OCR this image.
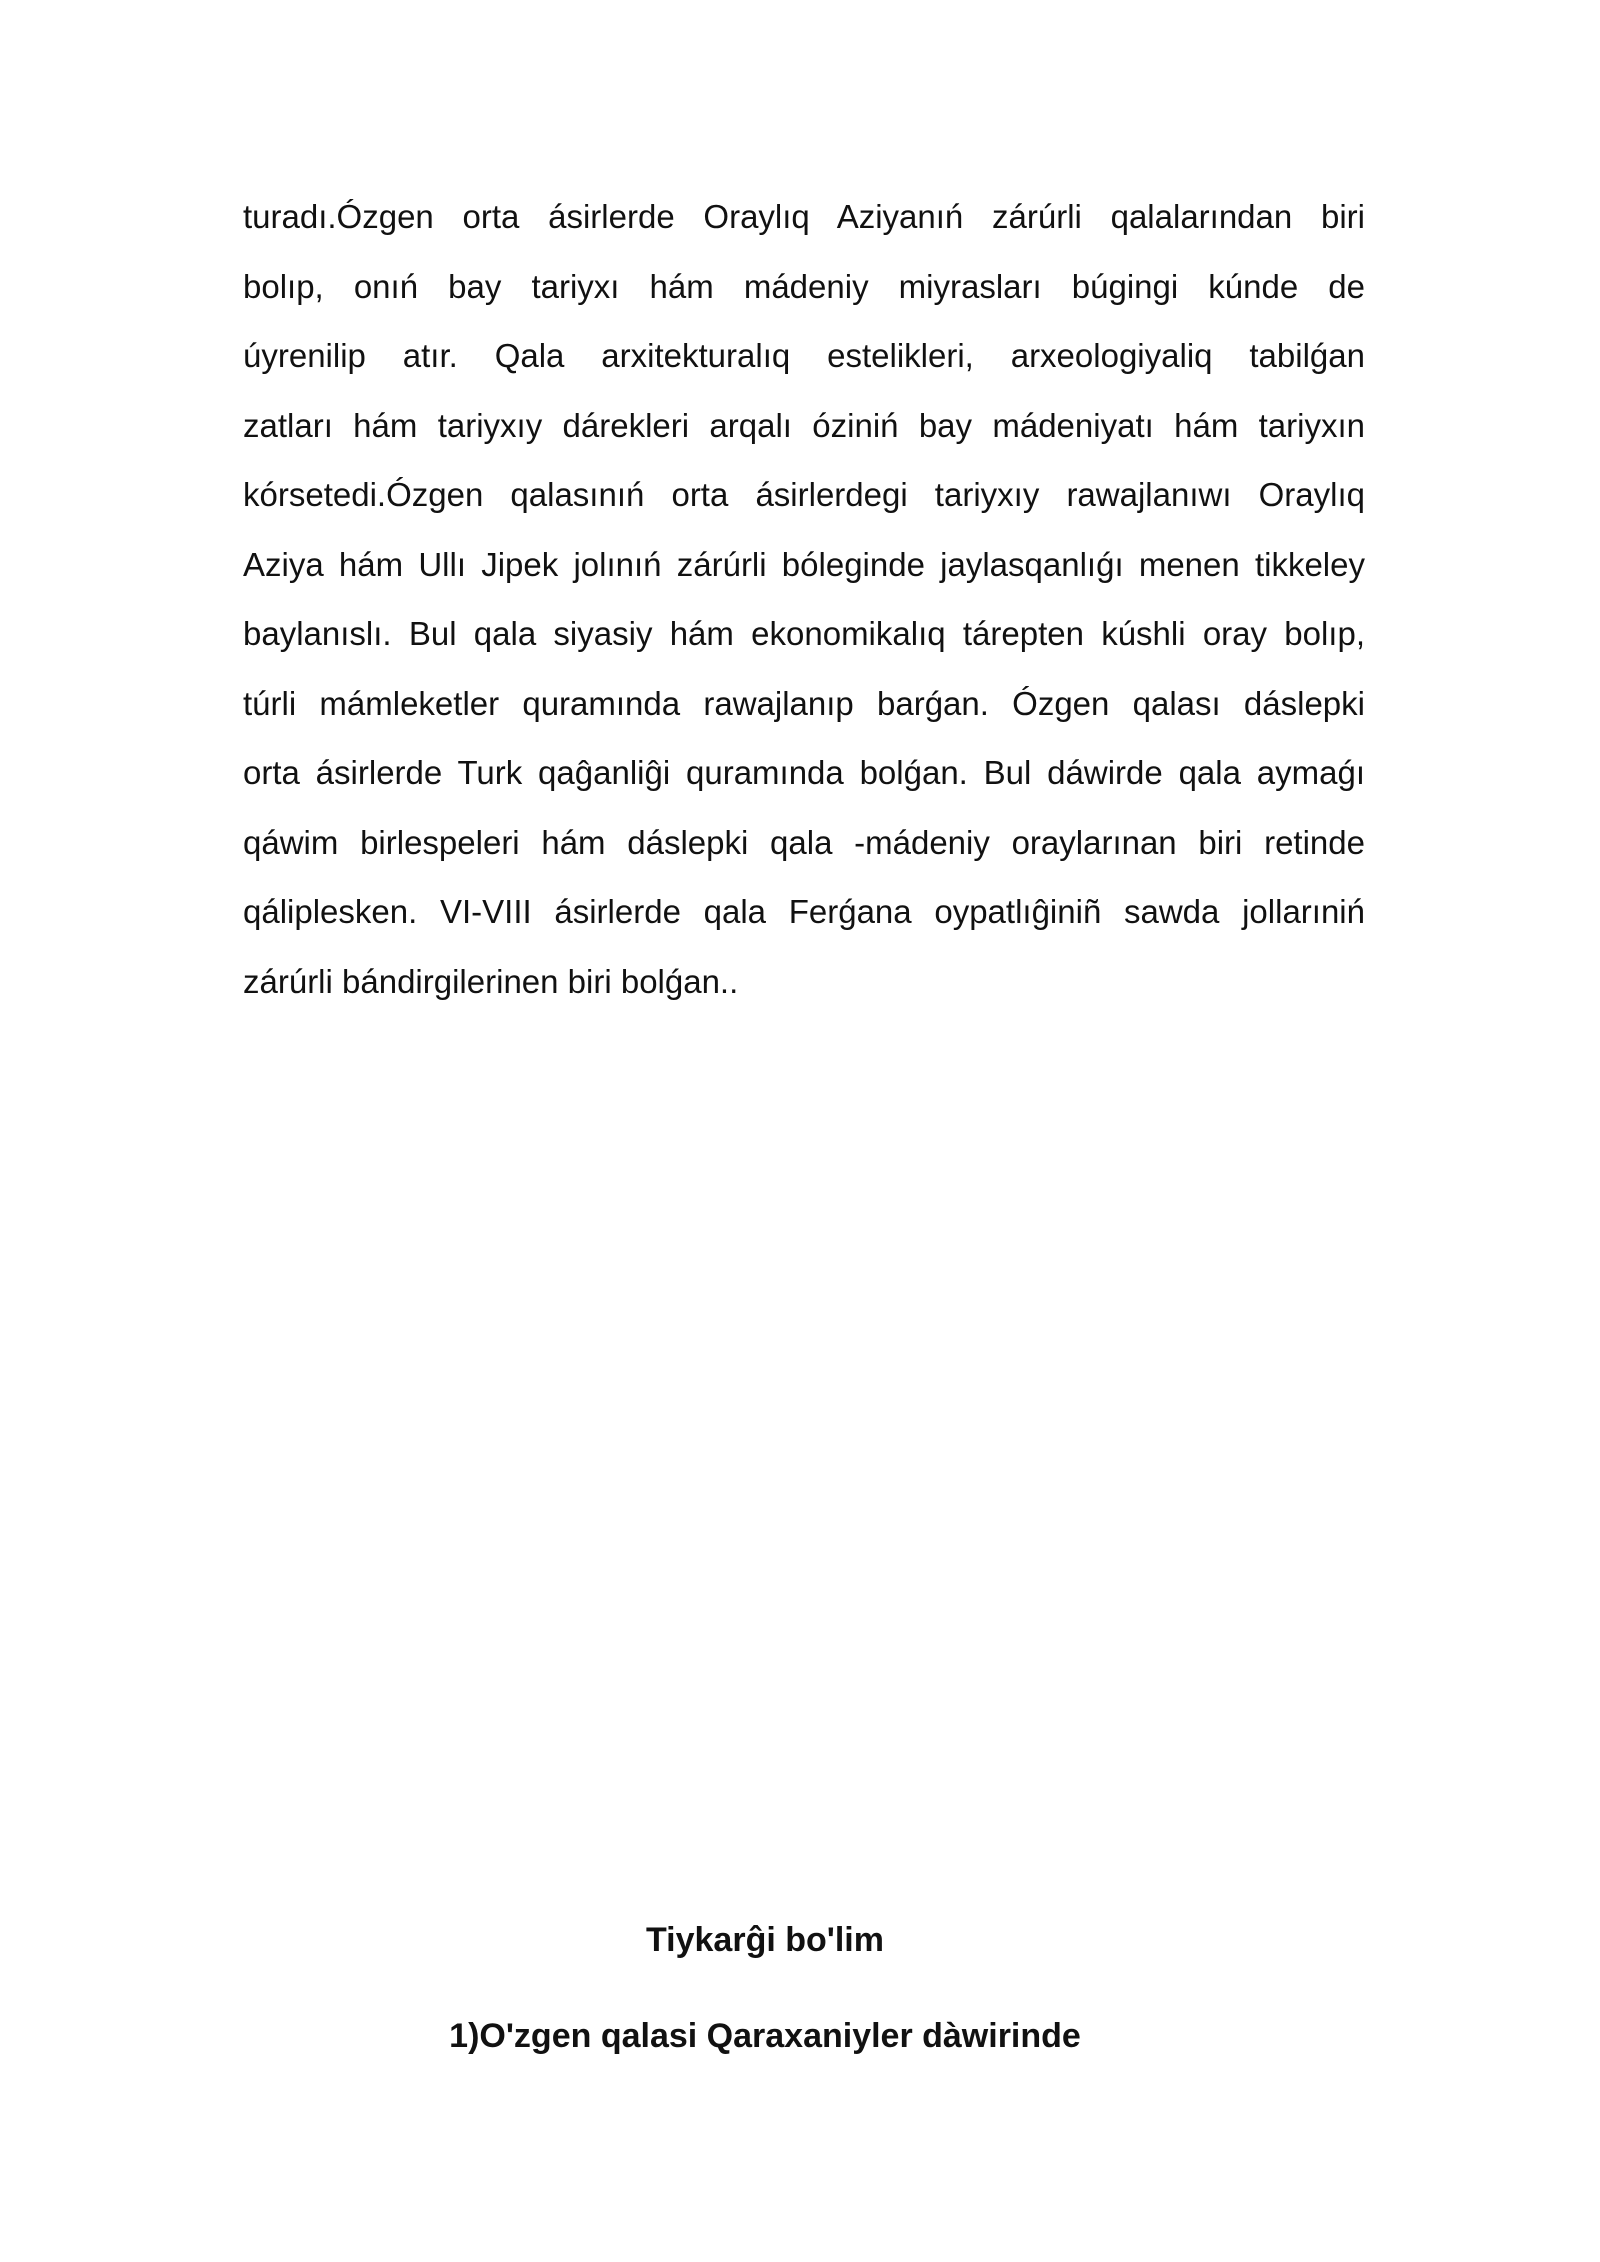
turadı.Ózgen orta ásirlerde Oraylıq Aziyanıń zárúrli qalalarından biri
bolıp, onıń bay tariyxı hám mádeniy miyrasları búgingi kúnde de
úyrenilip atır. Qala arxitekturalıq estelikleri, arxeologiyaliq tabilǵan
zatları hám tariyxıy dárekleri arqalı óziniń bay mádeniyatı hám tariyxın
kórsetedi.Ózgen qalasınıń orta ásirlerdegi tariyxıy rawajlanıwı Oraylıq
Aziya hám Ullı Jipek jolınıń zárúrli bóleginde jaylasqanlıǵı menen tikkeley
baylanıslı. Bul qala siyasiy hám ekonomikalıq tárepten kúshli oray bolıp,
túrli mámleketler quramında rawajlanıp barǵan. Ózgen qalası dáslepki
orta ásirlerde Turk qaĝanliĝi quramında bolǵan. Bul dáwirde qala aymaǵı
qáwim birlespeleri hám dáslepki qala -mádeniy oraylarınan biri retinde
qáliplesken. VI-VIII ásirlerde qala Ferǵana oypatlıĝiniñ sawda jollarıniń
zárúrli bándirgilerinen biri bolǵan..
Tiykarĝi bo'lim
1)O'zgen qalasi Qaraxaniyler dàwirinde
